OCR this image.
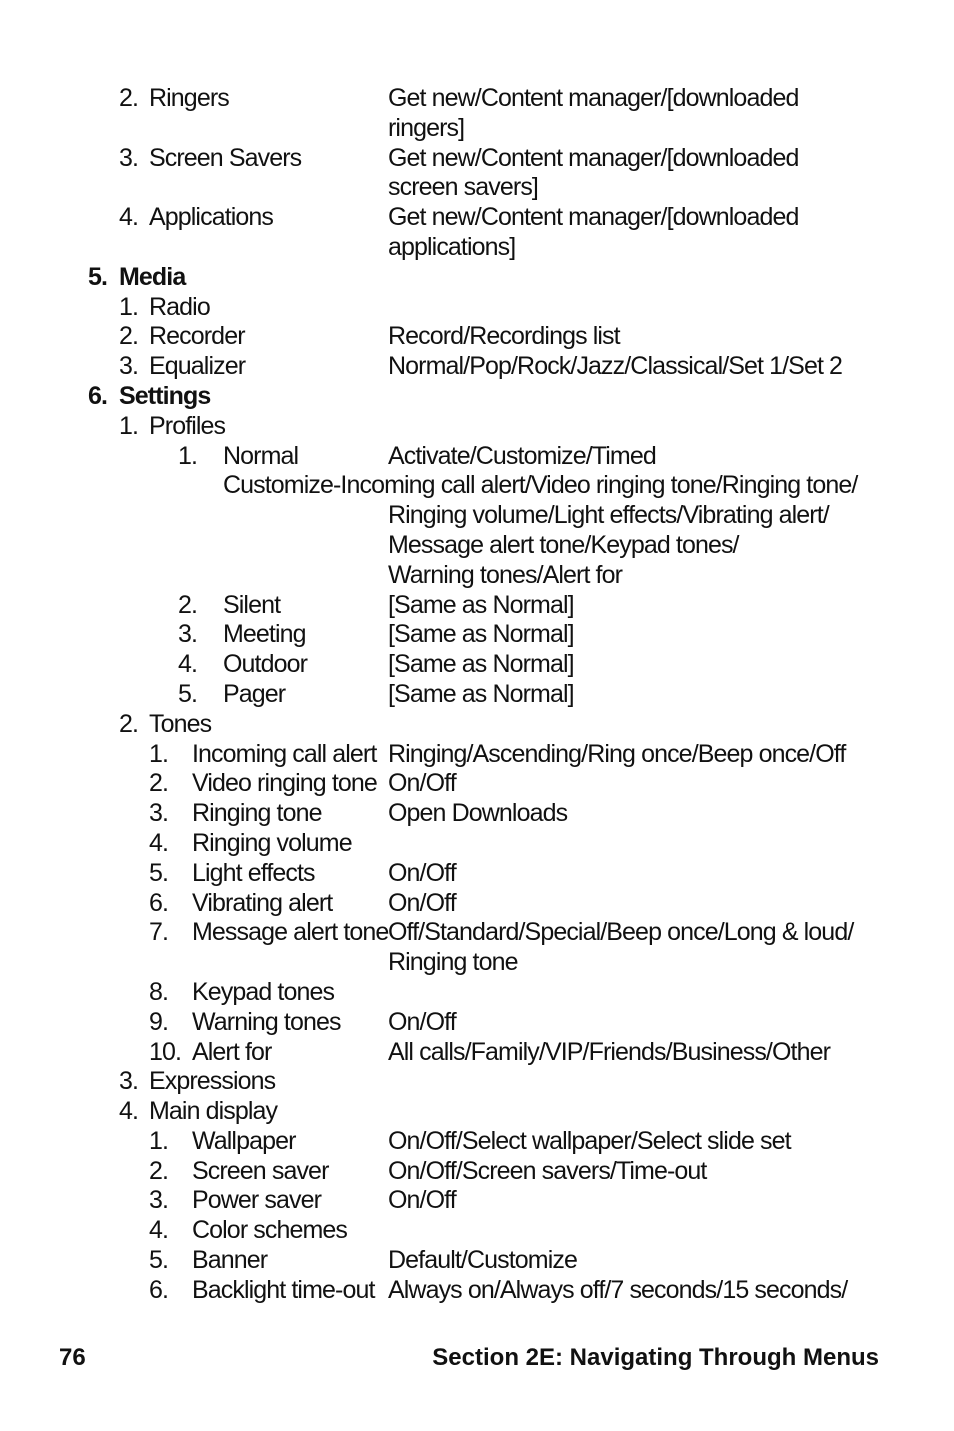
2. Ringers	Get new/Content manager/[downloaded
ringers]
3. Screen Savers	Get new/Content manager/[downloaded
screen savers]
4. Applications	Get new/Content manager/[downloaded
applications]
5. Media
1. Radio
2. Recorder	Record/Recordings list
3. Equalizer	Normal/Pop/Rock/Jazz/Classical/Set 1/Set 2
6. Settings
1. Profiles
1. Normal	Activate/Customize/Timed
Customize-Incoming call alert/Video ringing tone/Ringing tone/
Ringing volume/Light effects/Vibrating alert/
Message alert tone/Keypad tones/
Warning tones/Alert for
2. Silent	[Same as Normal]
3. Meeting	[Same as Normal]
4. Outdoor	[Same as Normal]
5. Pager	[Same as Normal]
2. Tones
1. Incoming call alert Ringing/Ascending/Ring once/Beep once/Off
2. Video ringing tone On/Off
3. Ringing tone	Open Downloads
4. Ringing volume
5. Light effects	On/Off
6. Vibrating alert On/Off
7. Message alert tone Off/Standard/Special/Beep once/Long & loud/
Ringing tone
8. Keypad tones
9. Warning tones On/Off
10. Alert for	All calls/Family/VIP/Friends/Business/Other
3. Expressions
4. Main display
1. Wallpaper	On/Off/Select wallpaper/Select slide set
2. Screen saver On/Off/Screen savers/Time-out
3. Power saver	On/Off
4. Color schemes
5. Banner	Default/Customize
6. Backlight time-out Always on/Always off/7 seconds/15 seconds/
76	Section 2E: Navigating Through Menus
